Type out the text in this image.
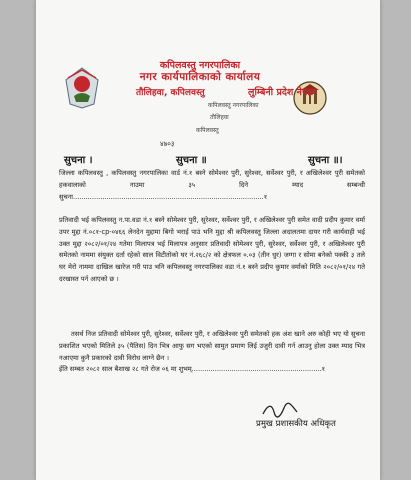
कपिलवस्तु नगरपालिका
नगर कार्यपालिकाको कार्यालय
तौलिहवा, कपिलवस्तु	लुम्बिनी प्रदेश नेपाल
कपिलवस्तु नगरपालिका
तौलिहवा
कपिलवस्तु
४७०३
सुचना ।	सुचना ॥	सुचना ॥।
जिल्ला कपिलवस्तु , कपिलवस्तु नगरपालिका वार्ड नं.१ बस्ने सोमेश्वर पुरी, सुरेश्वर, सर्वेश्वर पुरी, र अखिलेश्वर पुरी समेतको हकवालाको नाउमा ३५ दिने म्याद सम्बन्धी सुचना...........................................................................................१
प्रतिवादी भई कपिलवस्तु न.पा.वडा नं.१ बस्ने सोमेश्वर पुरी, सुरेश्वर, सर्वेश्वर पुरी, र अखिलेश्वर पुरी समेत वादी प्रदीप कुमार वर्मा उपर मुद्दा नं.०८१-cp-०४६६ लेनदेन मुद्दामा बिगो भराई पाउं भनि मुद्दा श्री कपिलवस्तु जिल्ला अदालतमा दायर गरी कार्यवाही भई उक्त मुद्दा २०८२/०१/२४ गतेमा मिलापत्र भई मिलापत्र अनुसार प्रतिवादी सोमेश्वर पुरी, सुरेश्वर, सर्वेश्वर पुरी, र अखिलेश्वर पुरी समेतको नाममा संयुक्त दर्ता रहेको साल विटीतोको घर नं.२६८/२ को क्षेत्रफल ०.०३ (तीन धुर) जग्गा र सोमा बनेको पक्की ३ तले घर मेरो नाममा दाखिल खारेज गरी पाउ भनि कपिलवस्तु नगरपालिका वडा नं.१ बस्ने प्रदीप कुमार वर्माको मिति २०८२/०१/२४ गते दरखास्त पर्न आएको छ ।
तसर्थ निज प्रतिवादी सोमेश्वर पुरी, सुरेश्वर, सर्वेश्वर पुरी, र अखिलेश्वर पुरी समेतको हक अंश खाने अरु कोही भए यो सुचना प्रकाशित भएको मितिले ३५ (पैतिस) दिन भित्र आफु सग भएको सामुत प्रमाण लिई उजुरी दावी गर्न आउनु होला उक्त म्याद भित्र नआएमा कुनै प्रकारको दावी विरोध लाग्ने छैन ।
ईति सम्बत २०८२ साल बैशाख २८ गते रोज ०६ मा शुभम्..............................................................१
प्रमुख प्रशासकीय अधिकृत
